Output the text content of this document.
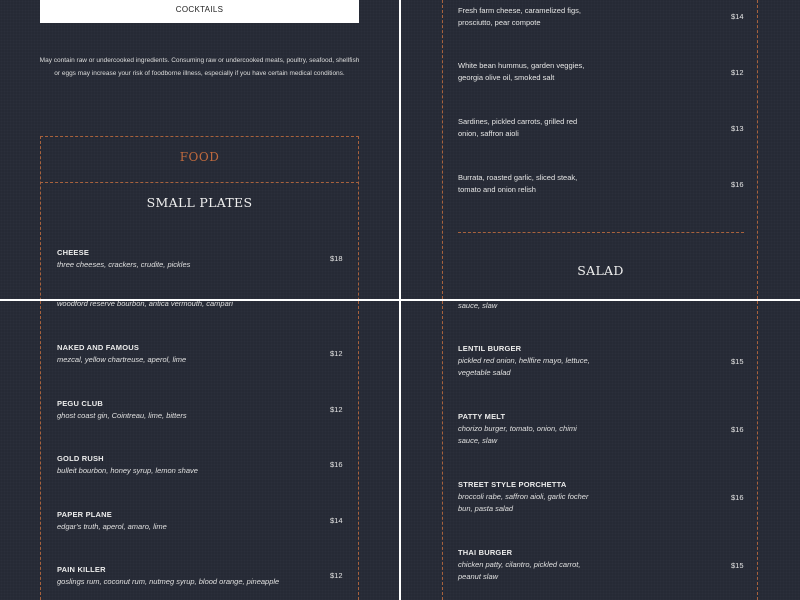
COCKTAILS
May contain raw or undercooked ingredients. Consuming raw or undercooked meats, poultry, seafood, shellfish or eggs may increase your risk of foodborne illness, especially if you have certain medical conditions.
FOOD
SMALL PLATES
CHEESE
three cheeses, crackers, crudite, pickles
$18
Fresh farm cheese, caramelized figs,
prosciutto, pear compote
$14
White bean hummus, garden veggies,
georgia olive oil, smoked salt
$12
Sardines, pickled carrots, grilled red
onion, saffron aioli
$13
Burrata, roasted garlic, sliced steak,
tomato and onion relish
$16
SALAD
woodford reserve bourbon, antica vermouth, campari
NAKED AND FAMOUS
mezcal, yellow chartreuse, aperol, lime
$12
PEGU CLUB
ghost coast gin, Cointreau, lime, bitters
$12
GOLD RUSH
bulleit bourbon, honey syrup, lemon shave
$16
PAPER PLANE
edgar's truth, aperol, amaro, lime
$14
PAIN KILLER
goslings rum, coconut rum, nutmeg syrup, blood orange, pineapple
$12
sauce, slaw
LENTIL BURGER
pickled red onion, hellfire mayo, lettuce,
vegetable salad
$15
PATTY MELT
chorizo burger, tomato, onion, chimi
sauce, slaw
$16
STREET STYLE PORCHETTA
broccoli rabe, saffron aioli, garlic focher
bun, pasta salad
$16
THAI BURGER
chicken patty, cilantro, pickled carrot,
peanut slaw
$15
